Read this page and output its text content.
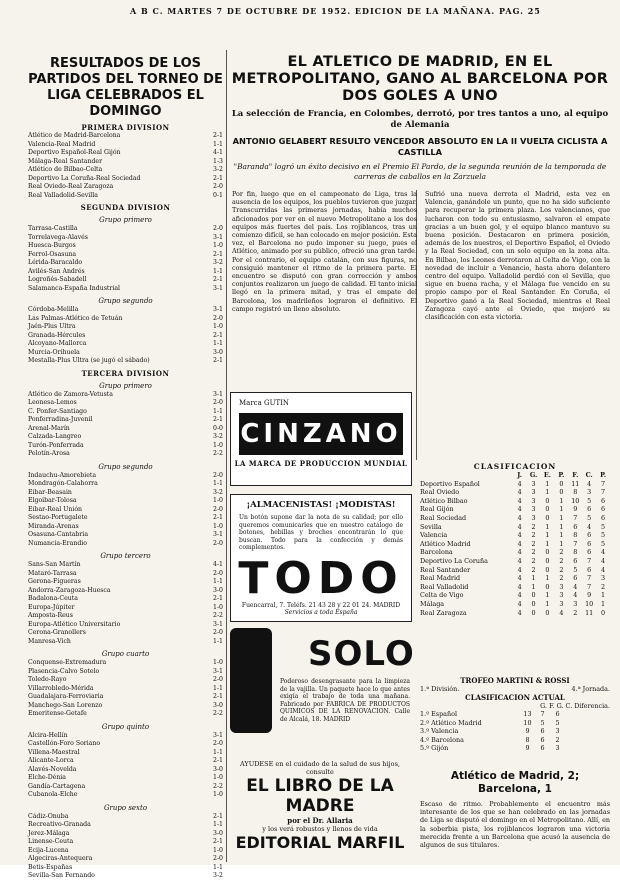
A B C. MARTES 7 DE OCTUBRE DE 1952. EDICION DE LA MAÑANA. PAG. 25
RESULTADOS DE LOS PARTIDOS DEL TORNEO DE LIGA CELEBRADOS EL DOMINGO
PRIMERA DIVISION
Atlético de Madrid-Barcelona	2-1
Valencia-Real Madrid	1-1
Deportivo Español-Real Gijón	4-1
Málaga-Real Santander	1-3
Atlético de Bilbao-Celta	3-2
Deportivo La Coruña-Real Sociedad	2-1
Real Oviedo-Real Zaragoza	2-0
Real Valladolid-Sevilla	0-1
SEGUNDA DIVISION
Grupo primero
Tarrasa-Castilla	2-0
Torrelavega-Alavés	3-1
Huesca-Burgos	1-0
Ferrol-Osasuna	2-1
Lérida-Baracaldo	3-2
Avilés-San Andrés	1-1
Logroñés-Sabadell	2-1
Salamanca-España Industrial	3-1
Grupo segundo
Córdoba-Melilla	3-1
Las Palmas-Atlético de Tetuán	2-0
Jaén-Plus Ultra	1-0
Granada-Hércules	2-1
Alcoyano-Mallorca	1-1
Murcia-Orihuela	3-0
Mestalla-Plus Ultra (se jugó el sábado)	2-1
TERCERA DIVISION
Grupo primero
Atlético de Zamora-Vetusta	3-1
Leonesa-Lemos	2-0
C. Ponfer-Santiago	1-1
Ponferradina-Juvenil	2-1
Arenal-Marín	0-0
Calzada-Langreo	3-2
Turón-Ponferrada	1-0
Pelotín-Arosa	2-2
Grupo segundo
Indauchu-Amorebieta	2-0
Mondragón-Calahorra	1-1
Eibar-Beasain	3-2
Elgoibar-Tolosa	1-0
Eibar-Real Unión	2-0
Sestao-Portugalete	2-1
Miranda-Arenas	1-0
Osasuna-Cantabria	3-1
Numancia-Erandio	2-0
Grupo tercero
Sans-San Martín	4-1
Mataró-Tarrasa	2-0
Gerona-Figueras	1-1
Andorra-Zaragoza-Huesca	3-0
Badalona-Ceuta	2-1
Europa-Júpiter	1-0
Amposta-Reus	2-2
Europa-Atlético Universitario	3-1
Cerona-Granollers	2-0
Manresa-Vich	1-1
Grupo cuarto
Conquense-Extremadura	1-0
Plasencia-Calvo Sotelo	3-1
Toledo-Rayo	2-0
Villarrobledo-Mérida	1-1
Guadalajara-Ferroviaria	2-1
Manchego-San Lorenzo	3-0
Emeritense-Getafe	2-2
Grupo quinto
Alcira-Hellín	3-1
Castellón-Foro Soriano	2-0
Villena-Maestral	1-1
Alicante-Lorca	2-1
Alavés-Novelda	3-0
Elche-Dénia	1-0
Gandía-Cartagena	2-2
Cubanola-Elche	1-0
Grupo sexto
Cádiz-Onuba	2-1
Recreativo-Granada	1-1
Jerez-Málaga	3-0
Linense-Ceuta	2-1
Ecija-Lucena	1-0
Algeciras-Antequera	2-0
Betis-Españas	1-1
Sevilla-San Fernando	3-2
EL ATLETICO DE MADRID, EN EL METROPOLITANO, GANO AL BARCELONA POR DOS GOLES A UNO
La selección de Francia, en Colombes, derrotó, por tres tantos a uno, al equipo de Alemania
ANTONIO GELABERT RESULTO VENCEDOR ABSOLUTO EN LA II VUELTA CICLISTA A CASTILLA
"Baranda" logró un éxito decisivo en el Premio El Pardo, de la segunda reunión de la temporada de carreras de caballos en la Zarzuela
Por fin, luego que en el campeonato de Liga, tras la ausencia de los equipos, los pueblos tuvieron que juzgar. Transcurridas las primeras jornadas, había muchos aficionados por ver en el nuevo Metropolitano a los dos equipos más fuertes del país. Los rojiblancos, tras un comienzo difícil, se han colocado en mejor posición. Esta vez, el Barcelona no pudo imponer su juego, pues el Atlético, animado por su público, ofreció una gran tarde. Por el contrario, el equipo catalán, con sus figuras, no consiguió mantener el ritmo de la primera parte. El encuentro se disputó con gran corrección y ambos conjuntos realizaron un juego de calidad. El tanto inicial llegó en la primera mitad, y tras el empate del Barcelona, los madrileños lograron el definitivo. El campo registró un lleno absoluto.
Sufrió una nueva derrota el Madrid, esta vez en Valencia, ganándole un punto, que no ha sido suficiente para recuperar la primera plaza. Los valencianos, que lucharon con todo su entusiasmo, salvaron el empate gracias a un buen gol, y el equipo blanco mantuvo su buena posición. Destacaron en primera posición, además de los nuestros, el Deportivo Español, el Oviedo y la Real Sociedad, con un solo equipo en la zona alta. En Bilbao, los Leones derrotaron al Celta de Vigo, con la novedad de incluir a Venancio, hasta ahora delantero centro del equipo. Valladolid perdió con el Sevilla, que sigue en buena racha, y el Málaga fue vencido en su propio campo por el Real Santander. En Coruña, el Deportivo ganó a la Real Sociedad, mientras el Real Zaragoza cayó ante el Oviedo, que mejoró su clasificación con esta victoria.
Marca GUTIN
CINZANO
LA MARCA DE PRODUCCION MUNDIAL
¡ALMACENISTAS! ¡MODISTAS!
Un botón supone dar la nota de su calidad; por ello queremos comunicarles que en nuestro catálogo de botones, hebillas y broches encontrarán lo que buscan. Todo para la confección y demás complementos.
TODO
Fuencarral, 7. Teléfs. 21 43 28 y 22 01 24. MADRID
Servicios a toda España
SOLO
Poderoso desengrasante para la limpieza de la vajilla. Un paquete hace lo que antes exigía el trabajo de toda una mañana. Fabricado por FABRICA DE PRODUCTOS QUIMICOS DE LA RENOVACION. Calle de Alcalá, 18. MADRID
AYUDESE en el cuidado de la salud de sus hijos, consulte
EL LIBRO DE LA MADRE
por el Dr. Allaria
y los verá robustos y llenos de vida
EDITORIAL MARFIL
CLASIFICACION
J.	G.	E.	P.	F.	C.	P.
Deportivo Español	4	3	1	0	11	4	7
Real Oviedo	4	3	1	0	8	3	7
Atlético Bilbao	4	3	0	1	10	5	6
Real Gijón	4	3	0	1	9	6	6
Real Sociedad	4	3	0	1	7	5	6
Sevilla	4	2	1	1	6	4	5
Valencia	4	2	1	1	8	6	5
Atlético Madrid	4	2	1	1	7	6	5
Barcelona	4	2	0	2	8	6	4
Deportivo La Coruña	4	2	0	2	6	7	4
Real Santander	4	2	0	2	5	6	4
Real Madrid	4	1	1	2	6	7	3
Real Valladolid	4	1	0	3	4	7	2
Celta de Vigo	4	0	1	3	4	9	1
Málaga	4	0	1	3	3	10	1
Real Zaragoza	4	0	0	4	2	11	0
TROFEO MARTINI & ROSSI
1.ª División.	4.ª Jornada.
CLASIFICACION ACTUAL
G. F. G. C. Diferencia.
1.º Español	13	7	6
2.º Atlético Madrid	10	5	5
3.º Valencia	9	6	3
4.º Barcelona	8	6	2
5.º Gijón	9	6	3
Atlético de Madrid, 2; Barcelona, 1
Escaso de ritmo. Probablemente el encuentro más interesante de los que se han celebrado en las jornadas de Liga se disputó el domingo en el Metropolitano. Allí, en la soberbia pista, los rojiblancos lograron una victoria merecida frente a un Barcelona que acusó la ausencia de algunos de sus titulares.
